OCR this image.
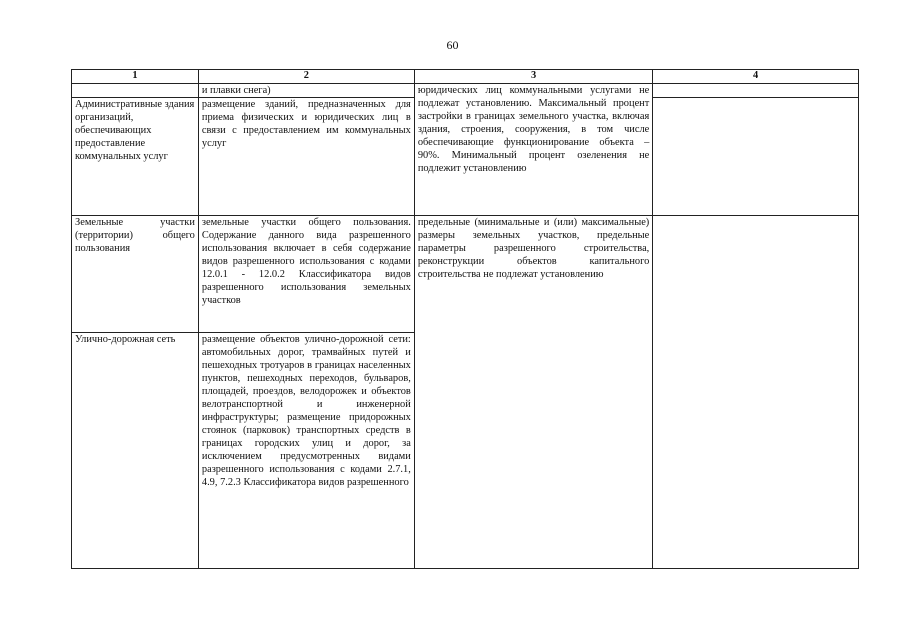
60
1	2	3	4
	и плавки снега)	юридических лиц коммунальными услугами не подлежат установлению. Максимальный процент застройки в границах земельного участка, включая здания, строения, сооружения, в том числе обеспечивающие функционирование объекта – 90%. Минимальный процент озеленения не подлежит установлению	
Административные здания организаций, обеспечивающих предоставление коммунальных услуг	размещение зданий, предназначенных для приема физических и юридических лиц в связи с предоставлением им коммунальных услуг		
Земельные участки (территории) общего пользования	земельные участки общего пользования. Содержание данного вида разрешенного использования включает в себя содержание видов разрешенного использования с кодами 12.0.1 - 12.0.2 Классификатора видов разрешенного использования земельных участков	предельные (минимальные и (или) максимальные) размеры земельных участков, предельные параметры разрешенного строительства, реконструкции объектов капитального строительства не подлежат установлению	
Улично-дорожная сеть	размещение объектов улично-дорожной сети: автомобильных дорог, трамвайных путей и пешеходных тротуаров в границах населенных пунктов, пешеходных переходов, бульваров, площадей, проездов, велодорожек и объектов велотранспортной и инженерной инфраструктуры; размещение придорожных стоянок (парковок) транспортных средств в границах городских улиц и дорог, за исключением предусмотренных видами разрешенного использования с кодами 2.7.1, 4.9, 7.2.3 Классификатора видов разрешенного		
